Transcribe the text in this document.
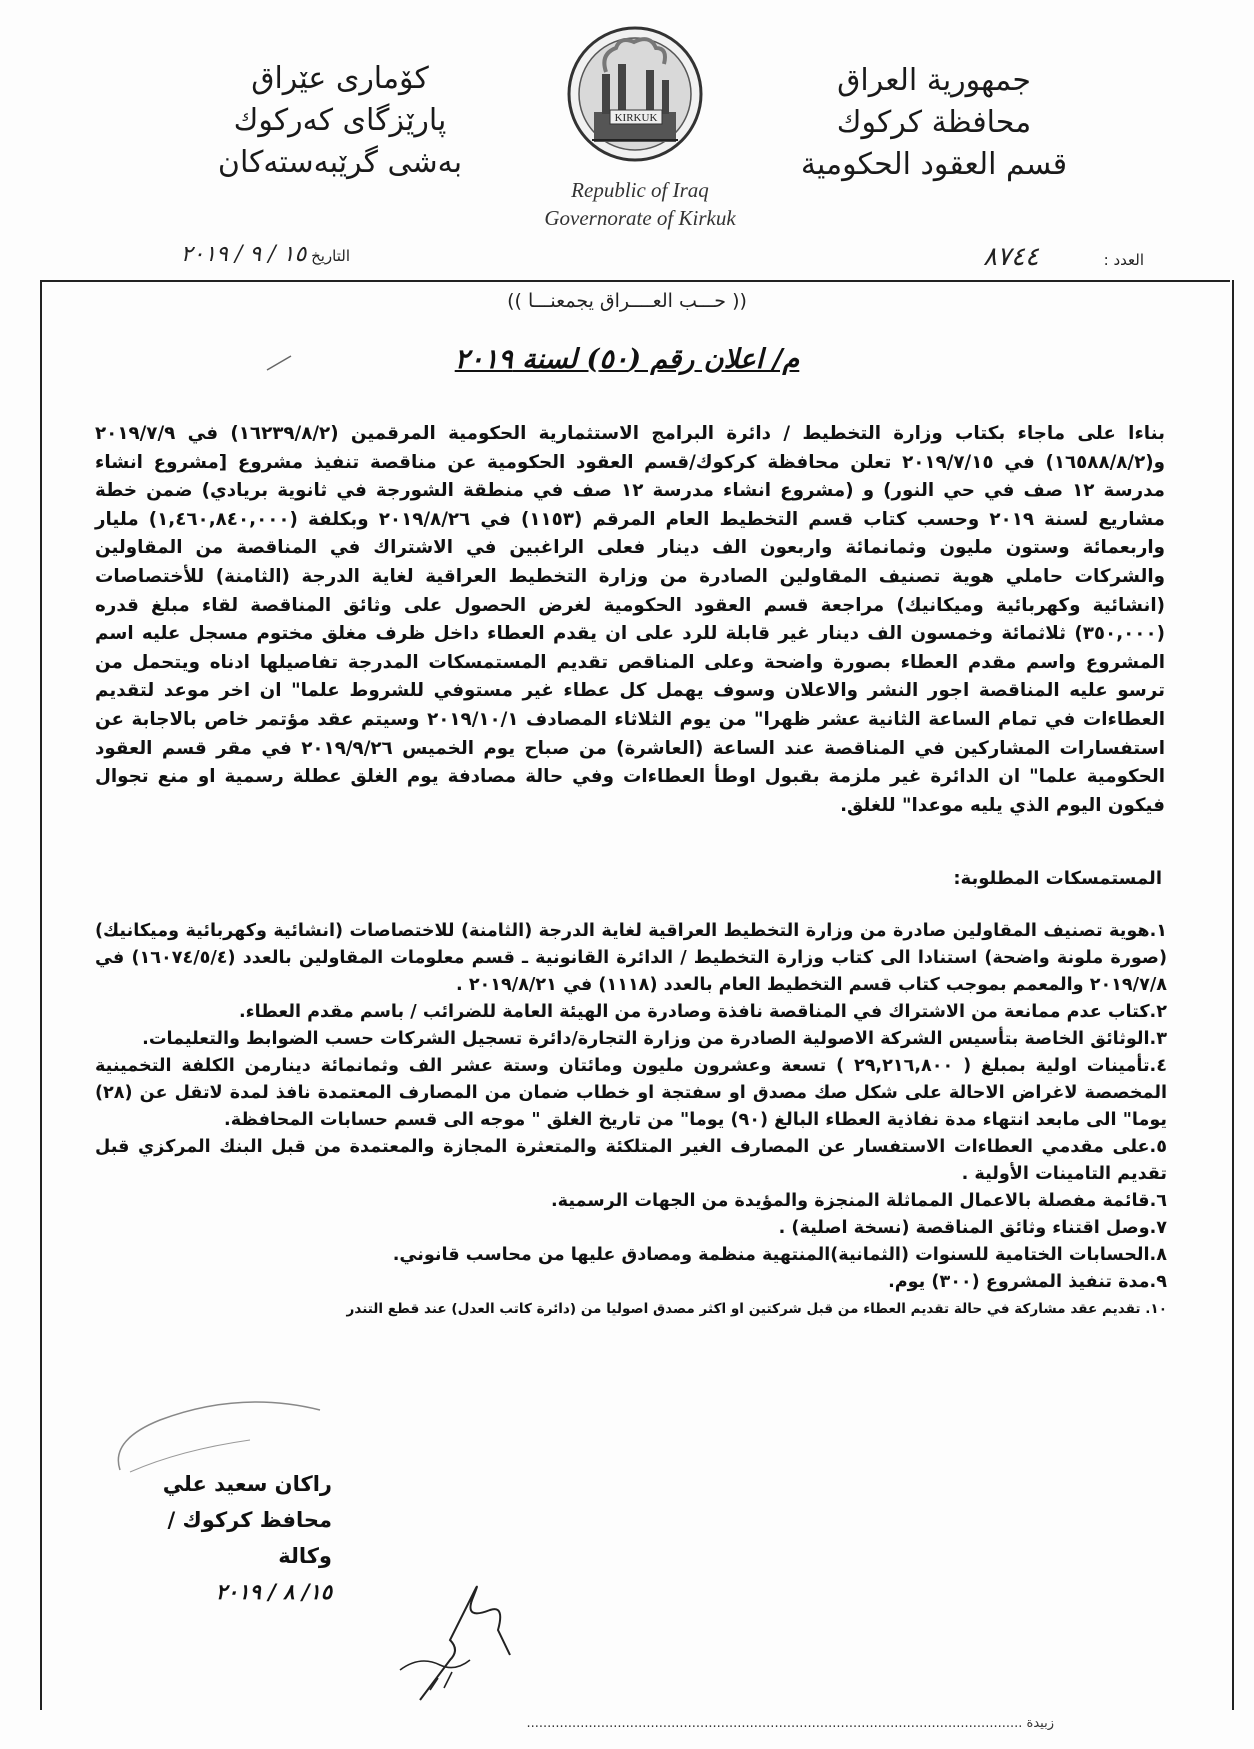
جمهورية العراق
محافظة كركوك
قسم العقود الحكومية
كۆمارى عێراق
پارێزگای کەرکوك
بەشی گرێبەستەکان
KIRKUK
Republic of Iraq
Governorate of Kirkuk
التاريخ ١٥ / ٩ / ٢٠١٩	العدد : ٨٧٤٤
(( حـــب العــــراق يجمعنـــا ))
م/ اعلان رقم (٥٠) لسنة ٢٠١٩
بناءا على ماجاء بكتاب وزارة التخطيط / دائرة البرامج الاستثمارية الحكومية المرقمين (١٦٢٣٩/٨/٢) في ٢٠١٩/٧/٩ و(١٦٥٨٨/٨/٢) في ٢٠١٩/٧/١٥ تعلن محافظة كركوك/قسم العقود الحكومية عن مناقصة تنفيذ مشروع [مشروع انشاء مدرسة ١٢ صف في حي النور) و (مشروع انشاء مدرسة ١٢ صف في منطقة الشورجة في ثانوية بريادي) ضمن خطة مشاريع لسنة ٢٠١٩ وحسب كتاب قسم التخطيط العام المرقم (١١٥٣) في ٢٠١٩/٨/٢٦ وبكلفة (١,٤٦٠,٨٤٠,٠٠٠) مليار واربعمائة وستون مليون وثمانمائة واربعون الف دينار فعلى الراغبين في الاشتراك في المناقصة من المقاولين والشركات حاملي هوية تصنيف المقاولين الصادرة من وزارة التخطيط العراقية لغاية الدرجة (الثامنة) للأختصاصات (انشائية وكهربائية وميكانيك) مراجعة قسم العقود الحكومية لغرض الحصول على وثائق المناقصة لقاء مبلغ قدره (٣٥٠,٠٠٠) ثلاثمائة وخمسون الف دينار غير قابلة للرد على ان يقدم العطاء داخل ظرف مغلق مختوم مسجل عليه اسم المشروع واسم مقدم العطاء بصورة واضحة وعلى المناقص تقديم المستمسكات المدرجة تفاصيلها ادناه ويتحمل من ترسو عليه المناقصة اجور النشر والاعلان وسوف يهمل كل عطاء غير مستوفي للشروط علما" ان اخر موعد لتقديم العطاءات في تمام الساعة الثانية عشر ظهرا" من يوم الثلاثاء المصادف ٢٠١٩/١٠/١ وسيتم عقد مؤتمر خاص بالاجابة عن استفسارات المشاركين في المناقصة عند الساعة (العاشرة) من صباح يوم الخميس ٢٠١٩/٩/٢٦ في مقر قسم العقود الحكومية علما" ان الدائرة غير ملزمة بقبول اوطأ العطاءات وفي حالة مصادفة يوم الغلق عطلة رسمية او منع تجوال فيكون اليوم الذي يليه موعدا" للغلق.
المستمسكات المطلوبة:
١.هوية تصنيف المقاولين صادرة من وزارة التخطيط العراقية لغاية الدرجة (الثامنة) للاختصاصات (انشائية وكهربائية وميكانيك) (صورة ملونة واضحة) استنادا الى كتاب وزارة التخطيط / الدائرة القانونية ـ قسم معلومات المقاولين بالعدد (١٦٠٧٤/٥/٤) في ٢٠١٩/٧/٨ والمعمم بموجب كتاب قسم التخطيط العام بالعدد (١١١٨) في ٢٠١٩/٨/٢١ .
٢.كتاب عدم ممانعة من الاشتراك في المناقصة نافذة وصادرة من الهيئة العامة للضرائب / باسم مقدم العطاء.
٣.الوثائق الخاصة بتأسيس الشركة الاصولية الصادرة من وزارة التجارة/دائرة تسجيل الشركات حسب الضوابط والتعليمات.
٤.تأمينات اولية بمبلغ ( ٢٩,٢١٦,٨٠٠ ) تسعة وعشرون مليون ومائتان وستة عشر الف وثمانمائة دينارمن الكلفة التخمينية المخصصة لاغراض الاحالة على شكل صك مصدق او سفتجة او خطاب ضمان من المصارف المعتمدة نافذ لمدة لاتقل عن (٢٨) يوما" الى مابعد انتهاء مدة نفاذية العطاء البالغ (٩٠) يوما" من تاريخ الغلق " موجه الى قسم حسابات المحافظة.
٥.على مقدمي العطاءات الاستفسار عن المصارف الغير المتلكئة والمتعثرة المجازة والمعتمدة من قبل البنك المركزي قبل تقديم التامينات الأولية .
٦.قائمة مفصلة بالاعمال المماثلة المنجزة والمؤيدة من الجهات الرسمية.
٧.وصل اقتناء وثائق المناقصة (نسخة اصلية) .
٨.الحسابات الختامية للسنوات (الثمانية)المنتهية منظمة ومصادق عليها من محاسب قانوني.
٩.مدة تنفيذ المشروع (٣٠٠) يوم.
١٠. تقديم عقد مشاركة في حالة تقديم العطاء من قبل شركتين او اكثر مصدق اصوليا من (دائرة كاتب العدل) عند قطع التندر
راكان سعيد علي
محافظ كركوك / وكالة
١٥/ ٨ / ٢٠١٩
زبيدة ........................................................................................................................
